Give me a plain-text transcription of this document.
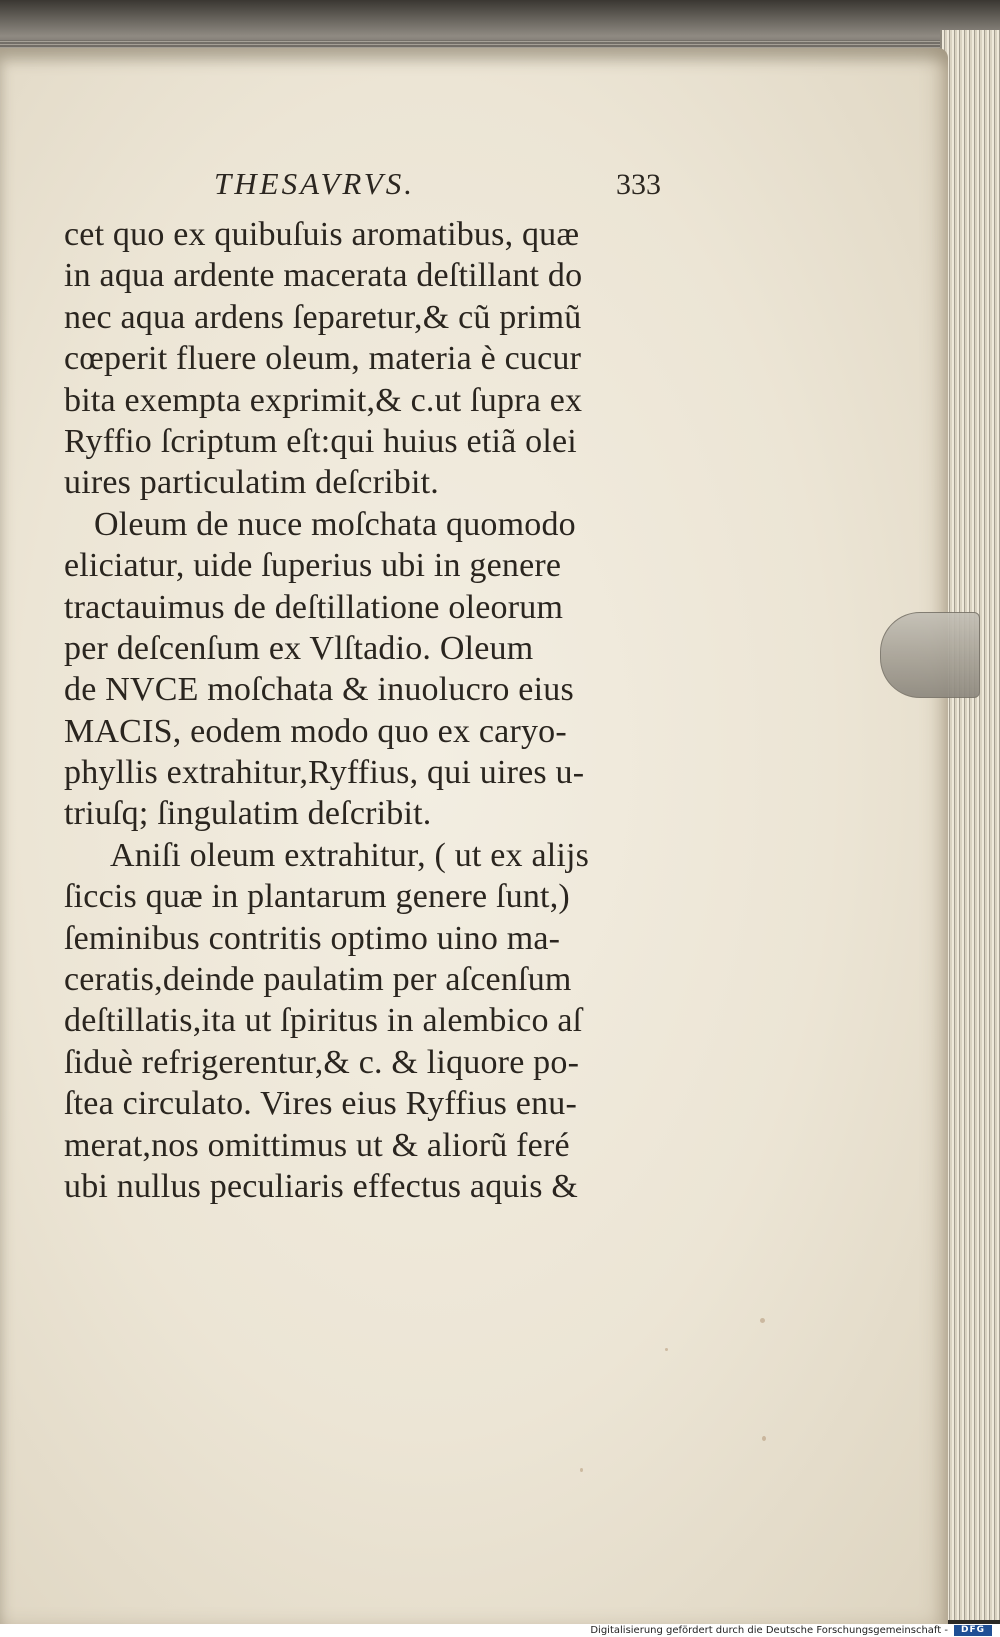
THESAVRVS.	333
cet quo ex quibuſuis aromatibus, quæ
in aqua ardente macerata deſtillant do
nec aqua ardens ſeparetur,& cũ primũ
cœperit fluere oleum, materia è cucur
bita exempta exprimit,& c.ut ſupra ex
Ryffio ſcriptum eſt:qui huius etiã olei
uires particulatim deſcribit.
Oleum de nuce moſchata quomodo
eliciatur, uide ſuperius ubi in genere
tractauimus de deſtillatione oleorum
per deſcenſum ex Vlſtadio. Oleum
de NVCE moſchata & inuolucro eius
MACIS, eodem modo quo ex caryo-
phyllis extrahitur,Ryffius, qui uires u-
triuſq; ſingulatim deſcribit.
Aniſi oleum extrahitur, ( ut ex alijs
ſiccis quæ in plantarum genere ſunt,)
ſeminibus contritis optimo uino ma-
ceratis,deinde paulatim per aſcenſum
deſtillatis,ita ut ſpiritus in alembico aſ
ſiduè refrigerentur,& c. & liquore po-
ſtea circulato. Vires eius Ryffius enu-
merat,nos omittimus ut & aliorũ feré
ubi nullus peculiaris effectus aquis &
Digitalisierung gefördert durch die Deutsche Forschungsgemeinschaft -	DFG
